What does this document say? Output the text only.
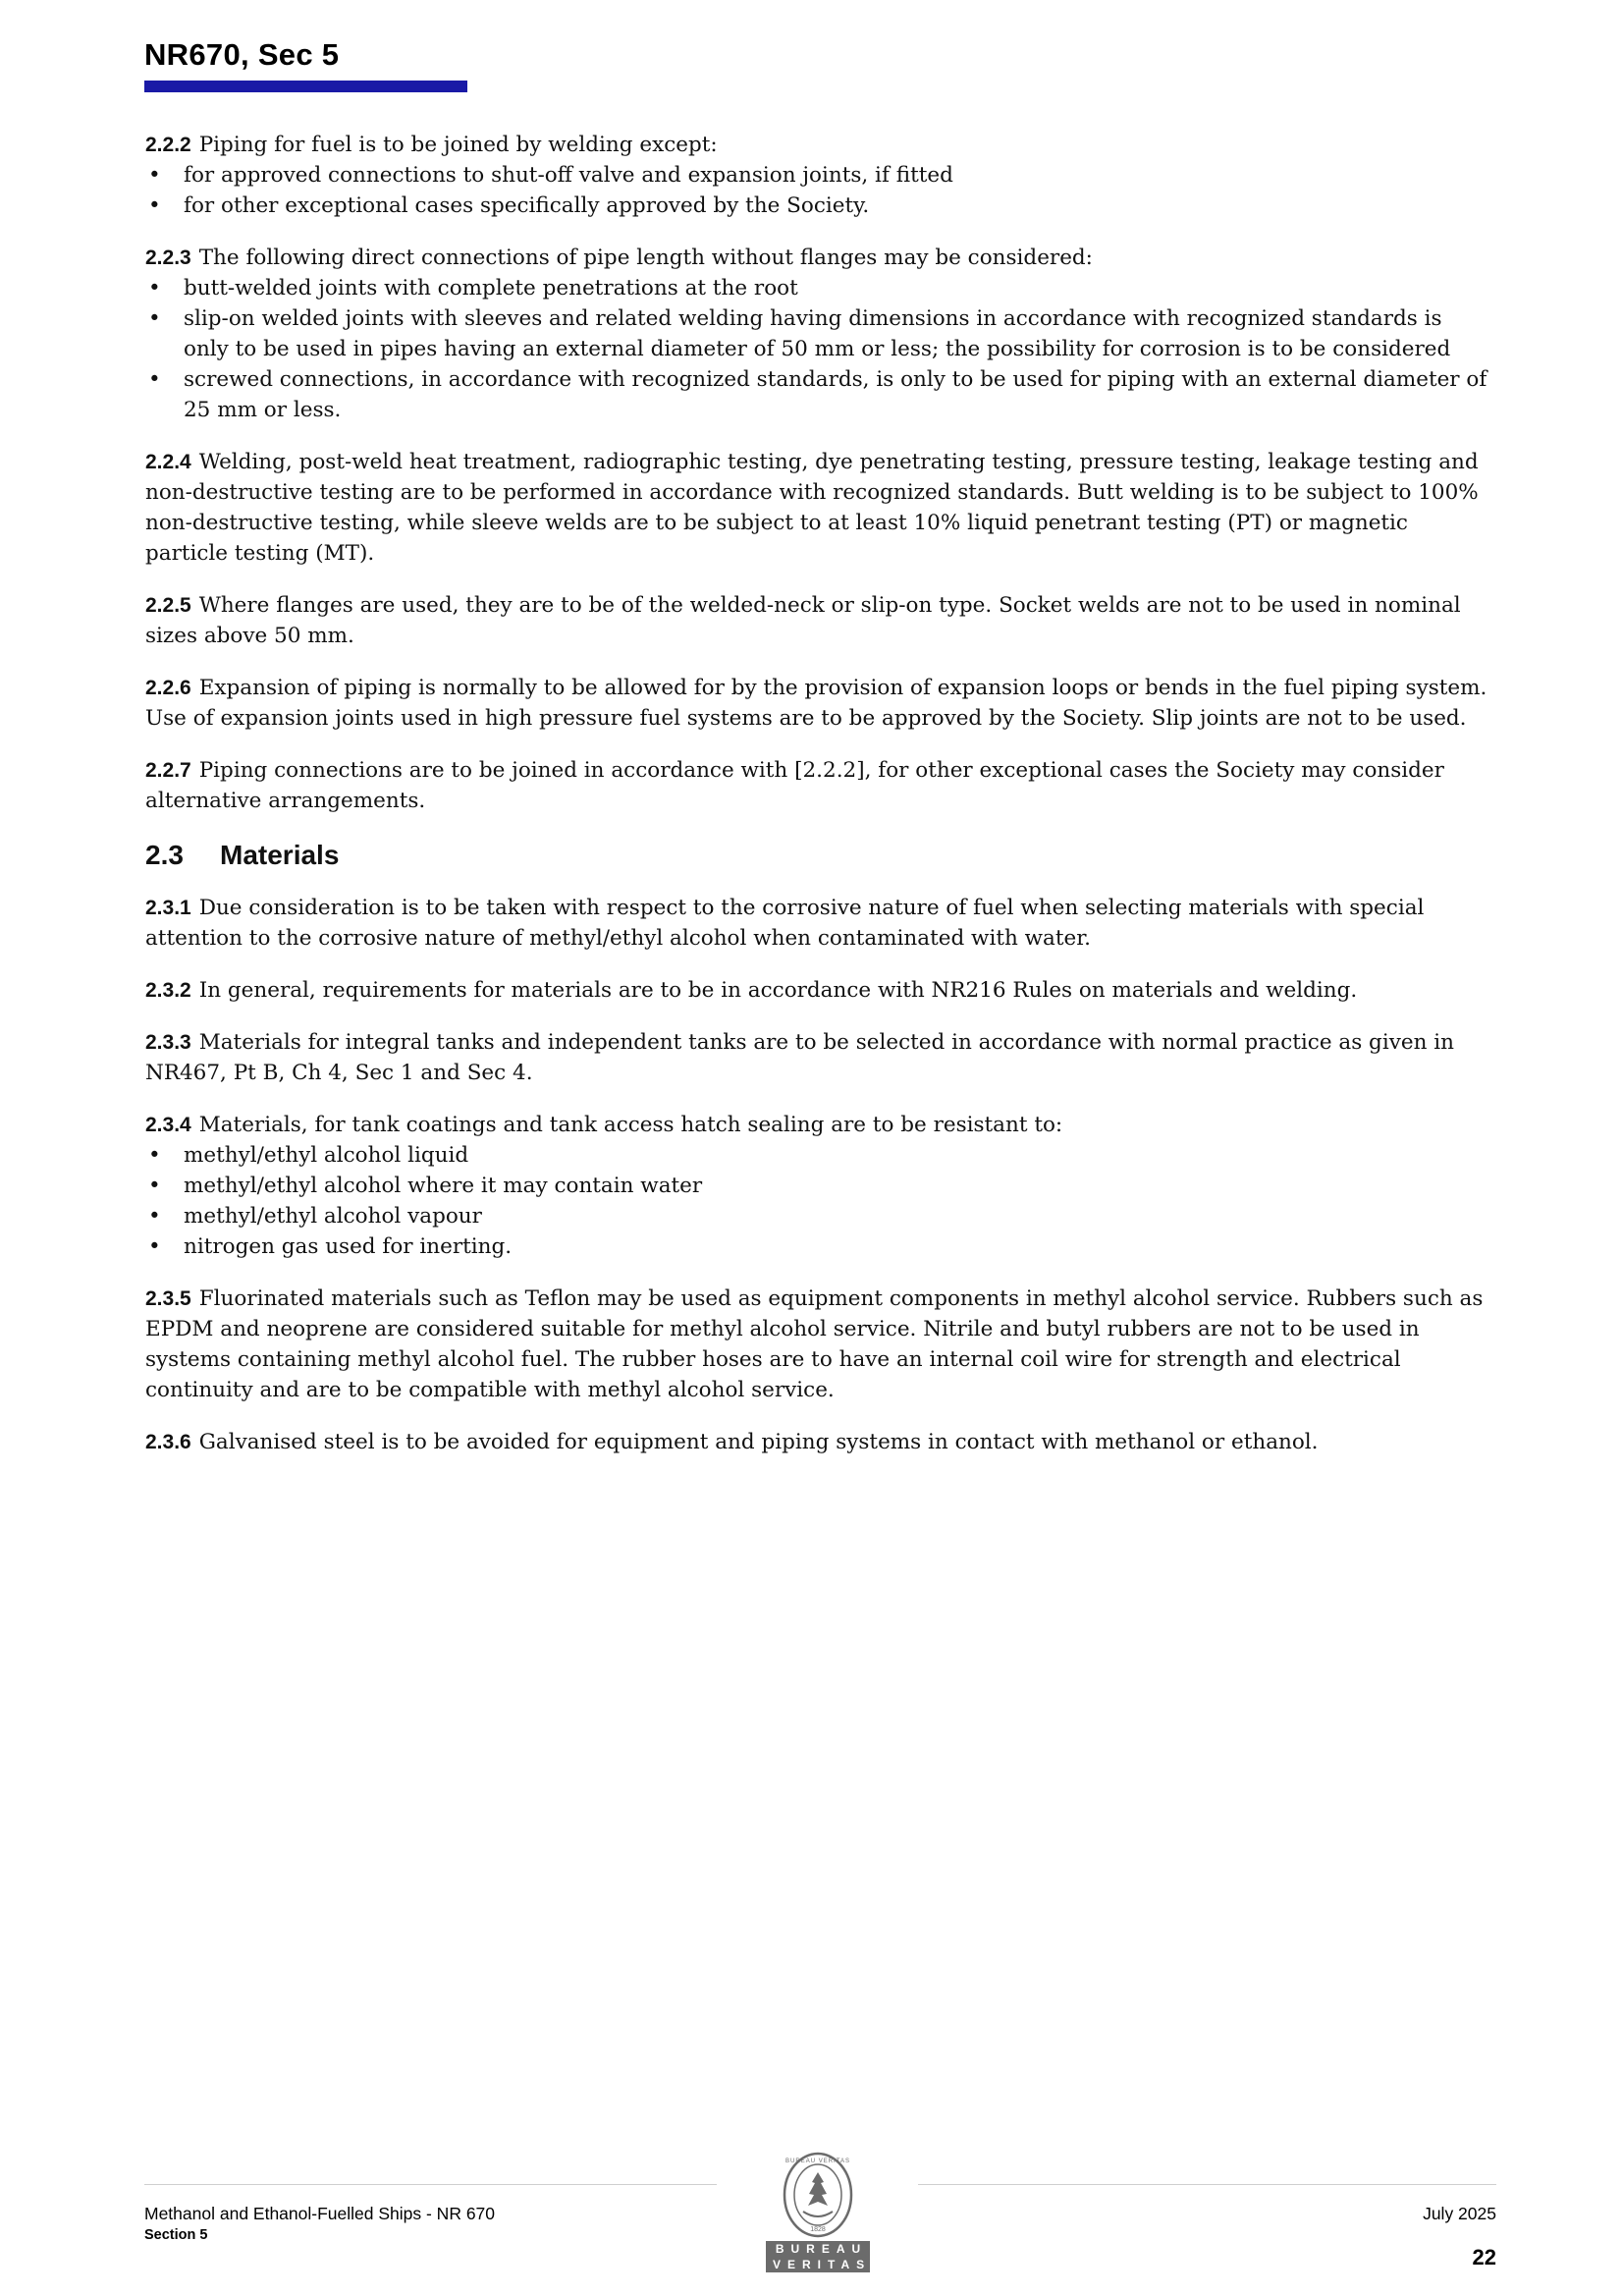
NR670, Sec 5

2.2.2 Piping for fuel is to be joined by welding except:

• for approved connections to shut-off valve and expansion joints, if fitted
• for other exceptional cases specifically approved by the Society.

2.2.3 The following direct connections of pipe length without flanges may be considered:

• butt-welded joints with complete penetrations at the root
• slip-on welded joints with sleeves and related welding having dimensions in accordance with recognized standards is only to be used in pipes having an external diameter of 50 mm or less; the possibility for corrosion is to be considered
• screwed connections, in accordance with recognized standards, is only to be used for piping with an external diameter of 25 mm or less.

2.2.4 Welding, post-weld heat treatment, radiographic testing, dye penetrating testing, pressure testing, leakage testing and non-destructive testing are to be performed in accordance with recognized standards. Butt welding is to be subject to 100% non-destructive testing, while sleeve welds are to be subject to at least 10% liquid penetrant testing (PT) or magnetic particle testing (MT).

2.2.5 Where flanges are used, they are to be of the welded-neck or slip-on type. Socket welds are not to be used in nominal sizes above 50 mm.

2.2.6 Expansion of piping is normally to be allowed for by the provision of expansion loops or bends in the fuel piping system. Use of expansion joints used in high pressure fuel systems are to be approved by the Society. Slip joints are not to be used.

2.2.7 Piping connections are to be joined in accordance with [2.2.2], for other exceptional cases the Society may consider alternative arrangements.

2.3 Materials

2.3.1 Due consideration is to be taken with respect to the corrosive nature of fuel when selecting materials with special attention to the corrosive nature of methyl/ethyl alcohol when contaminated with water.

2.3.2 In general, requirements for materials are to be in accordance with NR216 Rules on materials and welding.

2.3.3 Materials for integral tanks and independent tanks are to be selected in accordance with normal practice as given in NR467, Pt B, Ch 4, Sec 1 and Sec 4.

2.3.4 Materials, for tank coatings and tank access hatch sealing are to be resistant to:

• methyl/ethyl alcohol liquid
• methyl/ethyl alcohol where it may contain water
• methyl/ethyl alcohol vapour
• nitrogen gas used for inerting.

2.3.5 Fluorinated materials such as Teflon may be used as equipment components in methyl alcohol service. Rubbers such as EPDM and neoprene are considered suitable for methyl alcohol service. Nitrile and butyl rubbers are not to be used in systems containing methyl alcohol fuel. The rubber hoses are to have an internal coil wire for strength and electrical continuity and are to be compatible with methyl alcohol service.

2.3.6 Galvanised steel is to be avoided for equipment and piping systems in contact with methanol or ethanol.

Methanol and Ethanol-Fuelled Ships - NR 670
Section 5	1828
BUREAU VERITAS
BUREAU
VERITAS
July 2025
22
